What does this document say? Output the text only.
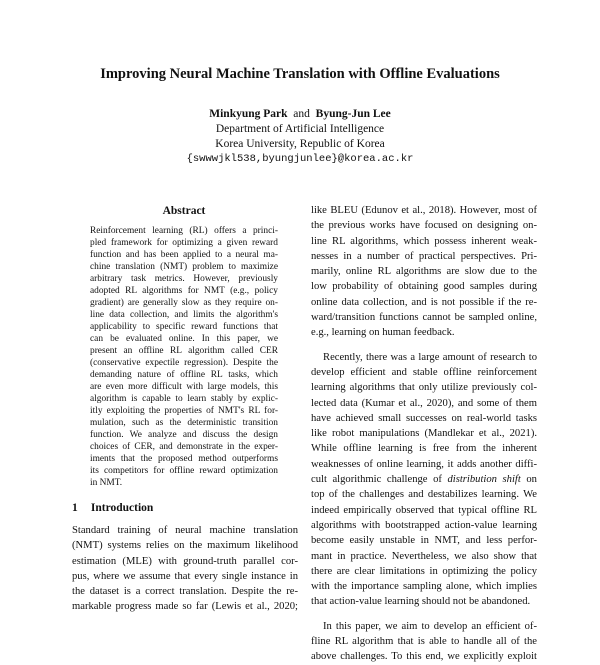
Improving Neural Machine Translation with Offline Evaluations
Minkyung Park and Byung-Jun Lee
Department of Artificial Intelligence
Korea University, Republic of Korea
{swwwjkl538,byungjunlee}@korea.ac.kr
Abstract
Reinforcement learning (RL) offers a princi-
pled framework for optimizing a given reward
function and has been applied to a neural ma-
chine translation (NMT) problem to maximize
arbitrary task metrics. However, previously
adopted RL algorithms for NMT (e.g., policy
gradient) are generally slow as they require on-
line data collection, and limits the algorithm's
applicability to specific reward functions that
can be evaluated online. In this paper, we
present an offline RL algorithm called CER
(conservative expectile regression). Despite the
demanding nature of offline RL tasks, which
are even more difficult with large models, this
algorithm is capable to learn stably by explic-
itly exploiting the properties of NMT's RL for-
mulation, such as the deterministic transition
function. We analyze and discuss the design
choices of CER, and demonstrate in the exper-
iments that the proposed method outperforms
its competitors for offline reward optimization
in NMT.
1 Introduction
Standard training of neural machine translation
(NMT) systems relies on the maximum likelihood
estimation (MLE) with ground-truth parallel cor-
pus, where we assume that every single instance in
the dataset is a correct translation. Despite the re-
markable progress made so far (Lewis et al., 2020;

like BLEU (Edunov et al., 2018). However, most of
the previous works have focused on designing on-
line RL algorithms, which possess inherent weak-
nesses in a number of practical perspectives. Pri-
marily, online RL algorithms are slow due to the
low probability of obtaining good samples during
online data collection, and is not possible if the re-
ward/transition functions cannot be sampled online,
e.g., learning on human feedback.

Recently, there was a large amount of research to
develop efficient and stable offline reinforcement
learning algorithms that only utilize previously col-
lected data (Kumar et al., 2020), and some of them
have achieved small successes on real-world tasks
like robot manipulations (Mandlekar et al., 2021).
While offline learning is free from the inherent
weaknesses of online learning, it adds another diffi-
cult algorithmic challenge of distribution shift on
top of the challenges and destabilizes learning. We
indeed empirically observed that typical offline RL
algorithms with bootstrapped action-value learning
become easily unstable in NMT, and less perfor-
mant in practice. Nevertheless, we also show that
there are clear limitations in optimizing the policy
with the importance sampling alone, which implies
that action-value learning should not be abandoned.

In this paper, we aim to develop an efficient of-
fline RL algorithm that is able to handle all of the
above challenges. To this end, we explicitly exploit
